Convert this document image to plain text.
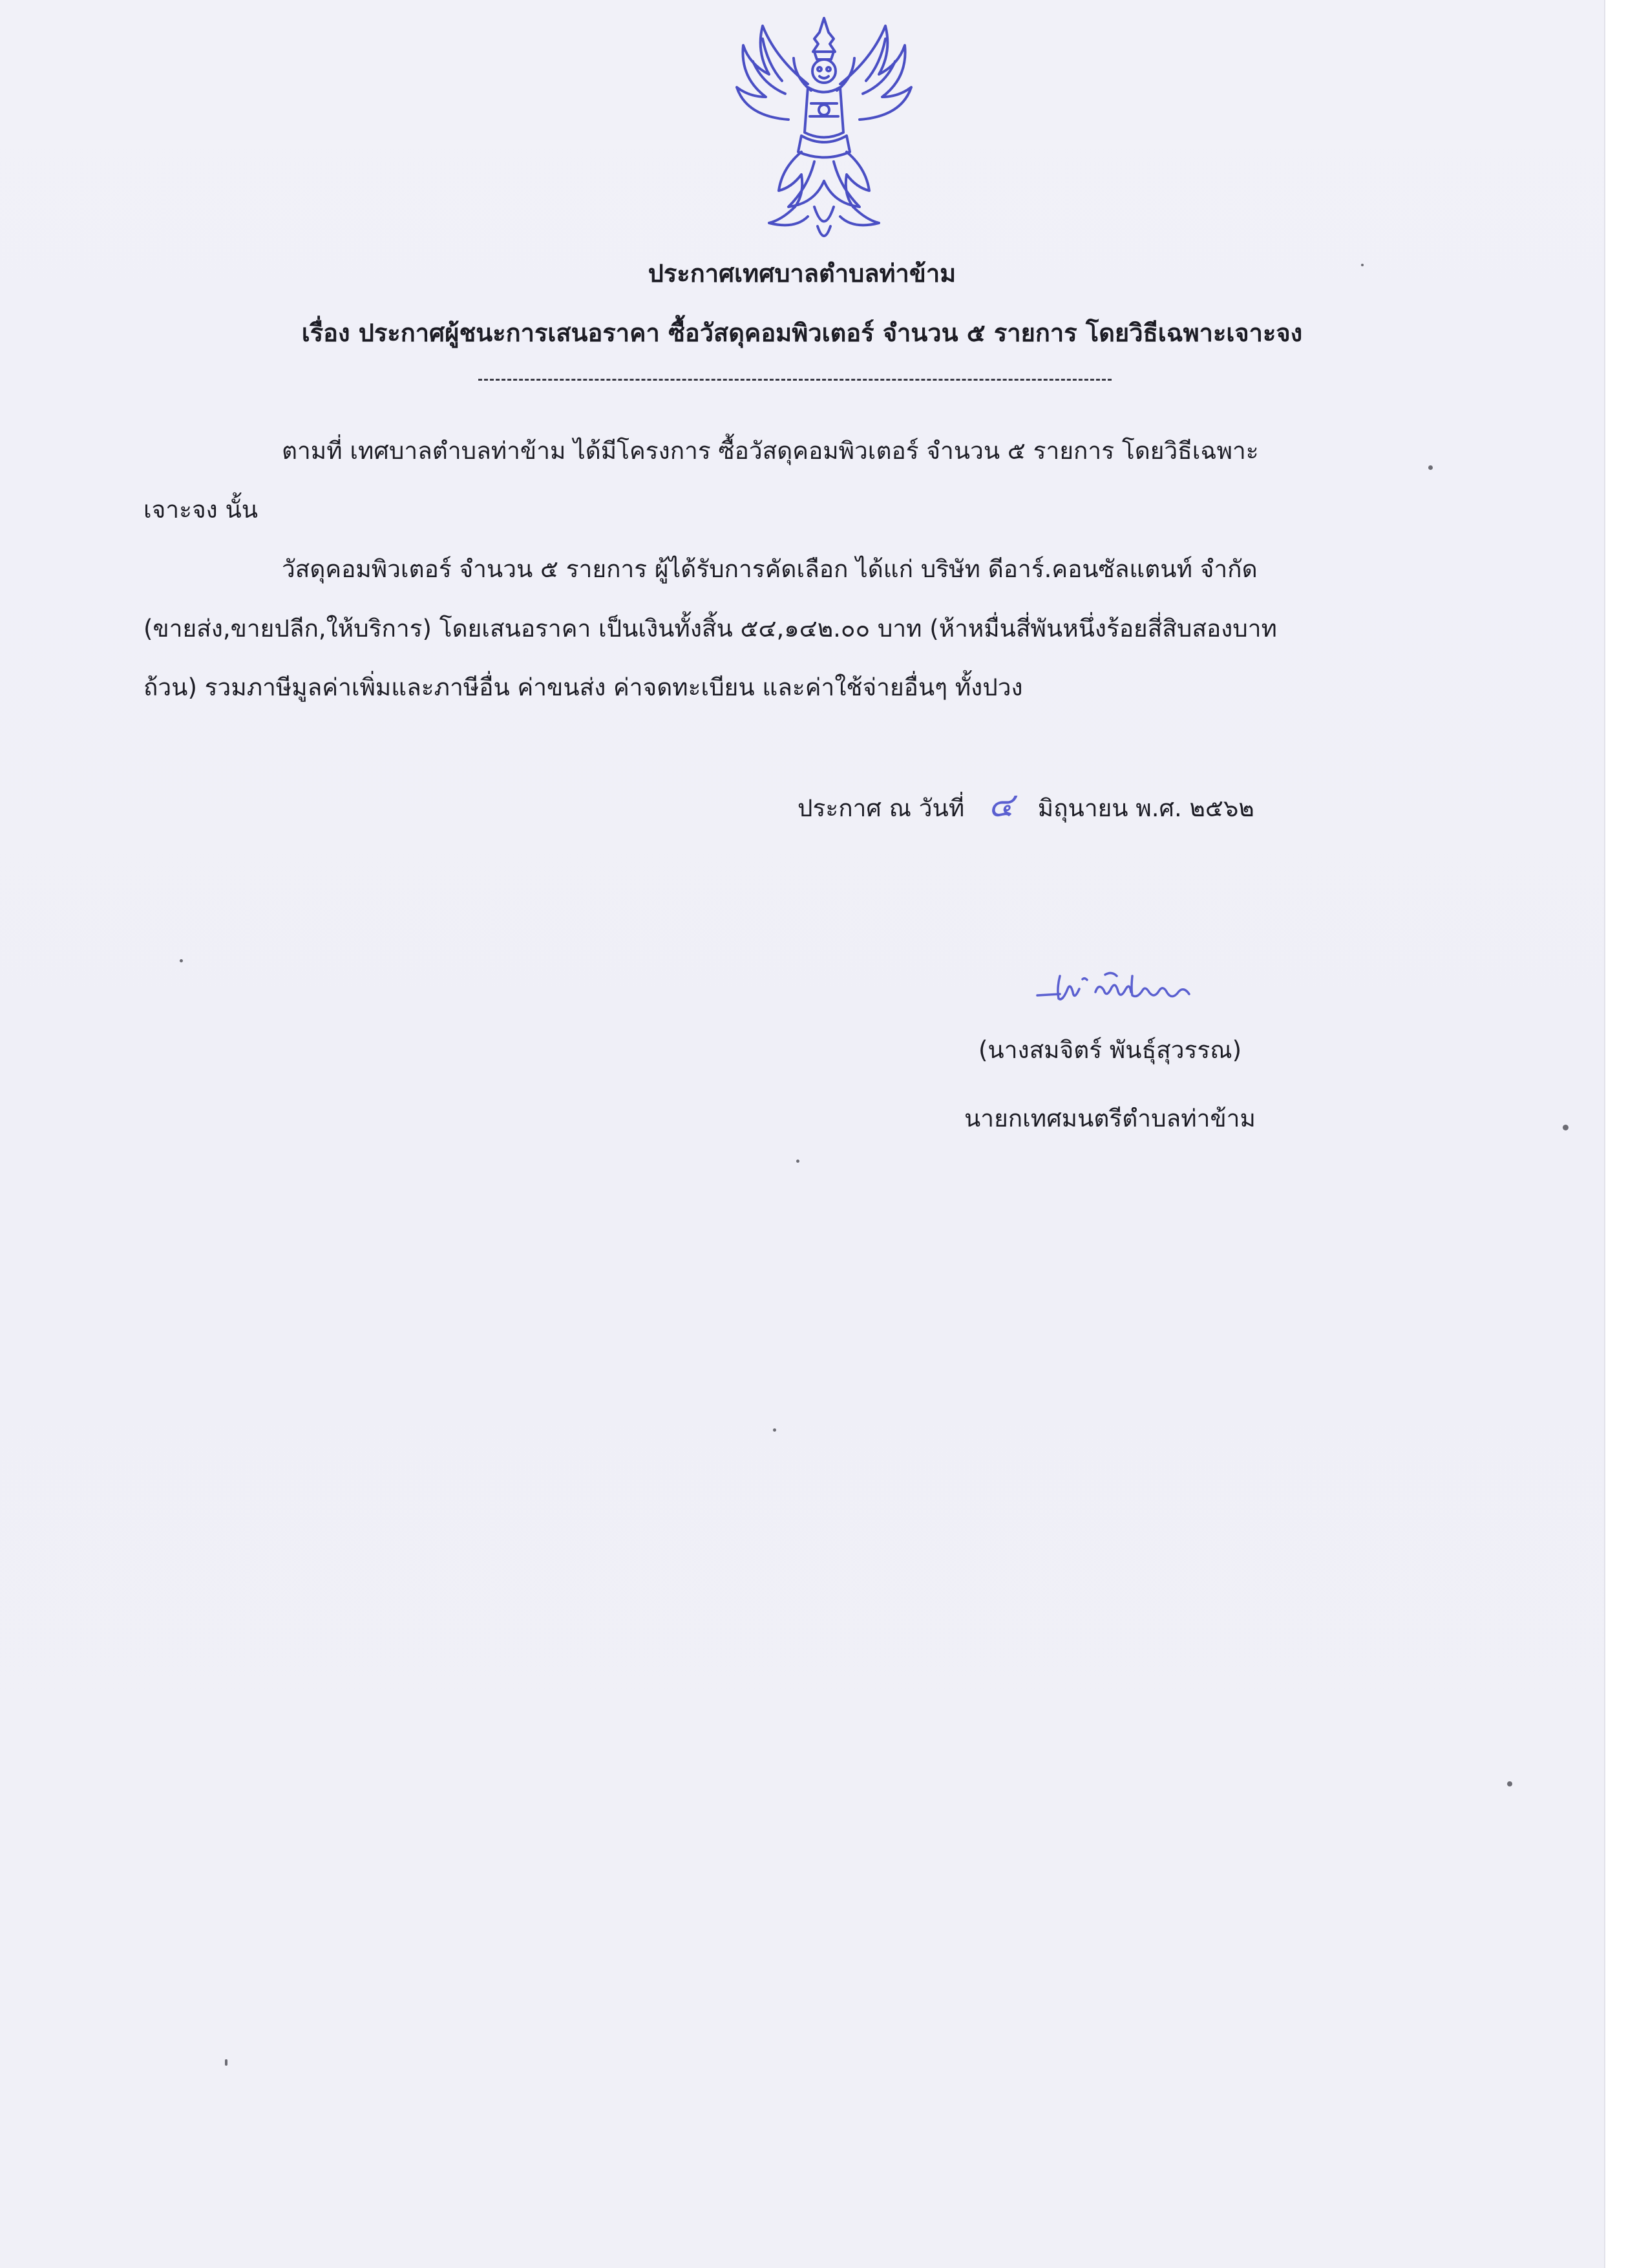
ประกาศเทศบาลตำบลท่าข้าม
เรื่อง ประกาศผู้ชนะการเสนอราคา ซื้อวัสดุคอมพิวเตอร์ จำนวน ๕ รายการ โดยวิธีเฉพาะเจาะจง
ตามที่ เทศบาลตำบลท่าข้าม ได้มีโครงการ ซื้อวัสดุคอมพิวเตอร์ จำนวน ๕ รายการ โดยวิธีเฉพาะ
เจาะจง นั้น
วัสดุคอมพิวเตอร์ จำนวน ๕ รายการ ผู้ได้รับการคัดเลือก ได้แก่ บริษัท ดีอาร์.คอนซัลแตนท์ จำกัด
(ขายส่ง,ขายปลีก,ให้บริการ) โดยเสนอราคา เป็นเงินทั้งสิ้น ๕๔,๑๔๒.๐๐ บาท (ห้าหมื่นสี่พันหนึ่งร้อยสี่สิบสองบาท
ถ้วน) รวมภาษีมูลค่าเพิ่มและภาษีอื่น ค่าขนส่ง ค่าจดทะเบียน และค่าใช้จ่ายอื่นๆ ทั้งปวง
ประกาศ ณ วันที่ ๔ มิถุนายน พ.ศ. ๒๕๖๒
(นางสมจิตร์ พันธุ์สุวรรณ)
นายกเทศมนตรีตำบลท่าข้าม
